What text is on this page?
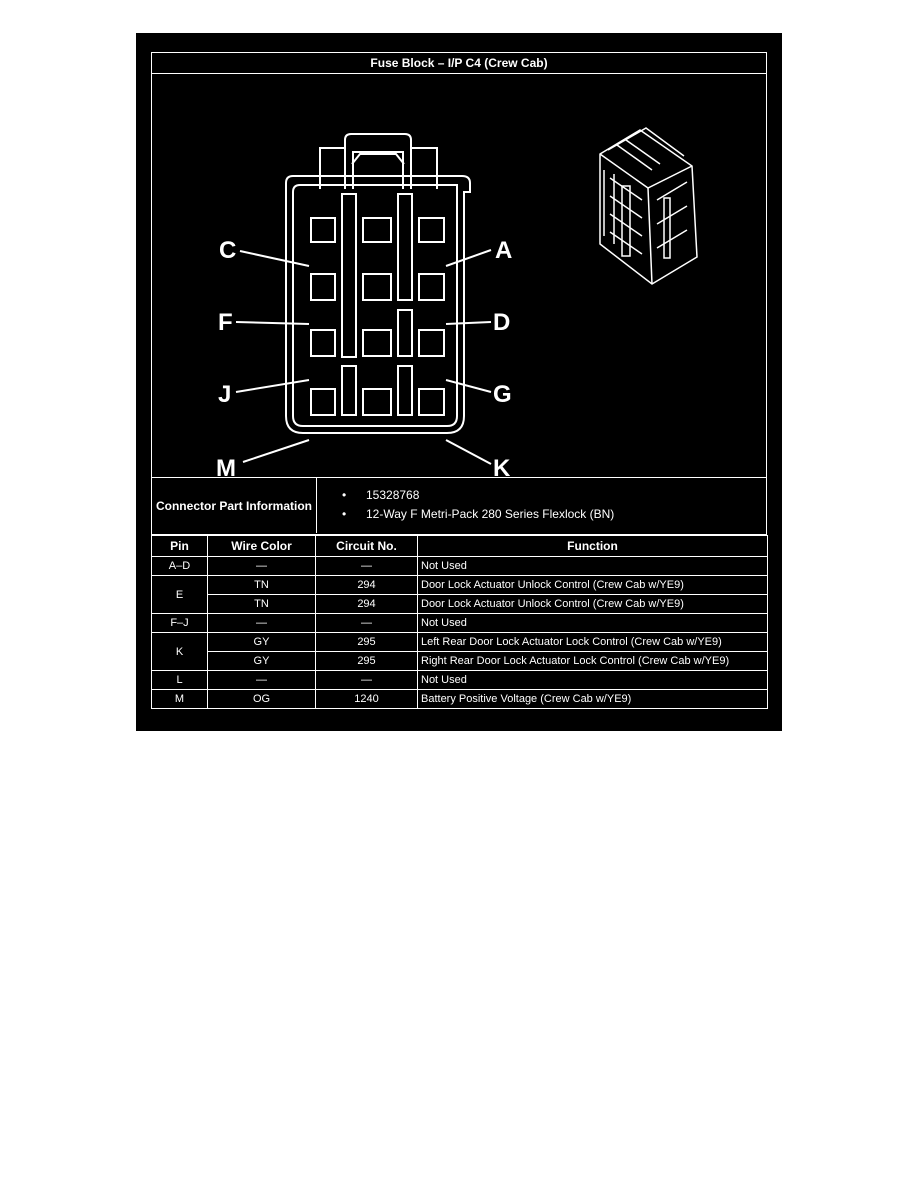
Fuse Block – I/P C4 (Crew Cab)
C
F
J
M
A
D
G
K
Connector Part Information
• 15328768
• 12-Way F Metri-Pack 280 Series Flexlock (BN)
Pin	Wire Color	Circuit No.	Function
A–D	—	—	Not Used
E	TN	294	Door Lock Actuator Unlock Control (Crew Cab w/YE9)
	TN	294	Door Lock Actuator Unlock Control (Crew Cab w/YE9)
F–J	—	—	Not Used
K	GY	295	Left Rear Door Lock Actuator Lock Control (Crew Cab w/YE9)
	GY	295	Right Rear Door Lock Actuator Lock Control (Crew Cab w/YE9)
L	—	—	Not Used
M	OG	1240	Battery Positive Voltage (Crew Cab w/YE9)
